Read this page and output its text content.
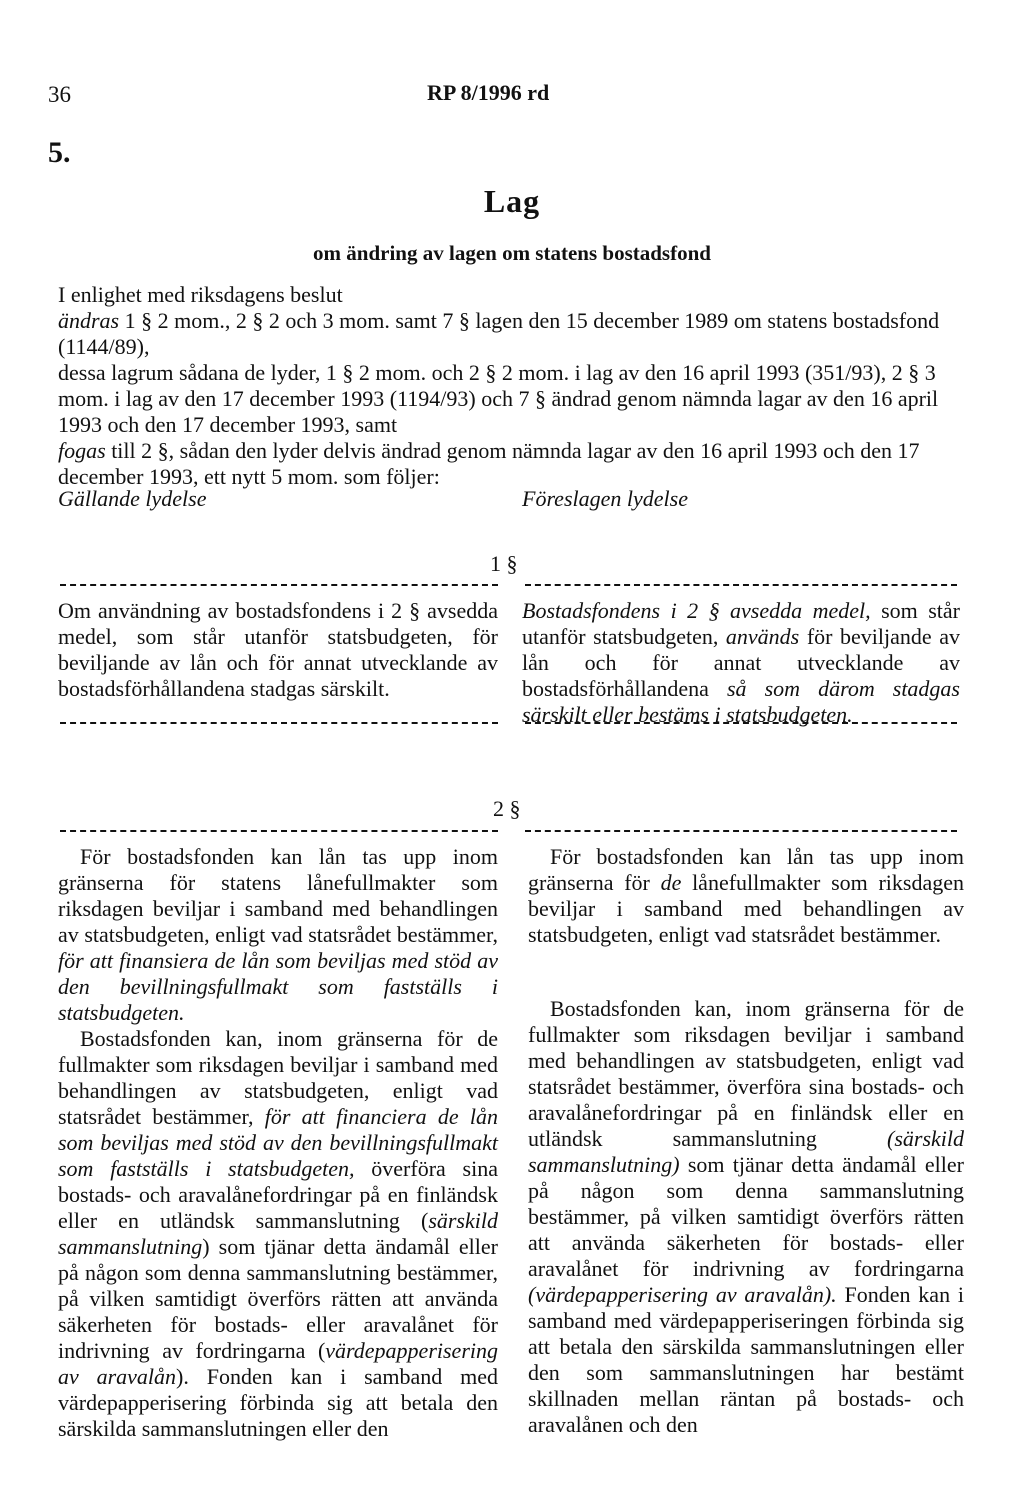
36	RP 8/1996 rd
5.
Lag
om ändring av lagen om statens bostadsfond

I enlighet med riksdagens beslut

ändras 1 § 2 mom., 2 § 2 och 3 mom. samt 7 § lagen den 15 december 1989 om statens bostadsfond (1144/89),

dessa lagrum sådana de lyder, 1 § 2 mom. och 2 § 2 mom. i lag av den 16 april 1993 (351/93), 2 § 3 mom. i lag av den 17 december 1993 (1194/93) och 7 § ändrad genom nämnda lagar av den 16 april 1993 och den 17 december 1993, samt

fogas till 2 §, sådan den lyder delvis ändrad genom nämnda lagar av den 16 april 1993 och den 17 december 1993, ett nytt 5 mom. som följer:

Gällande lydelse	Föreslagen lydelse
1 §

Om användning av bostadsfondens i 2 § avsedda medel, som står utanför statsbudgeten, för beviljande av lån och för annat utvecklande av bostadsförhållandena stadgas särskilt.

Bostadsfondens i 2 § avsedda medel, som står utanför statsbudgeten, används för beviljande av lån och för annat utvecklande av bostadsförhållandena så som därom stadgas särskilt eller bestäms i statsbudgeten.

2 §

För bostadsfonden kan lån tas upp inom gränserna för statens lånefullmakter som riksdagen beviljar i samband med behandlingen av statsbudgeten, enligt vad statsrådet bestämmer, för att finansiera de lån som beviljas med stöd av den bevillningsfullmakt som fastställs i statsbudgeten.

Bostadsfonden kan, inom gränserna för de fullmakter som riksdagen beviljar i samband med behandlingen av statsbudgeten, enligt vad statsrådet bestämmer, för att financiera de lån som beviljas med stöd av den bevillningsfullmakt som fastställs i statsbudgeten, överföra sina bostads- och aravalånefordringar på en finländsk eller en utländsk sammanslutning (särskild sammanslutning) som tjänar detta ändamål eller på någon som denna sammanslutning bestämmer, på vilken samtidigt överförs rätten att använda säkerheten för bostads- eller aravalånet för indrivning av fordringarna (värdepapperisering av aravalån). Fonden kan i samband med värdepapperisering förbinda sig att betala den särskilda sammanslutningen eller den

För bostadsfonden kan lån tas upp inom gränserna för de lånefullmakter som riksdagen beviljar i samband med behandlingen av statsbudgeten, enligt vad statsrådet bestämmer.

Bostadsfonden kan, inom gränserna för de fullmakter som riksdagen beviljar i samband med behandlingen av statsbudgeten, enligt vad statsrådet bestämmer, överföra sina bostads- och aravalånefordringar på en finländsk eller en utländsk sammanslutning (särskild sammanslutning) som tjänar detta ändamål eller på någon som denna sammanslutning bestämmer, på vilken samtidigt överförs rätten att använda säkerheten för bostads- eller aravalånet för indrivning av fordringarna (värdepapperisering av aravalån). Fonden kan i samband med värdepapperiseringen förbinda sig att betala den särskilda sammanslutningen eller den som sammanslutningen har bestämt skillnaden mellan räntan på bostads- och aravalånen och den
